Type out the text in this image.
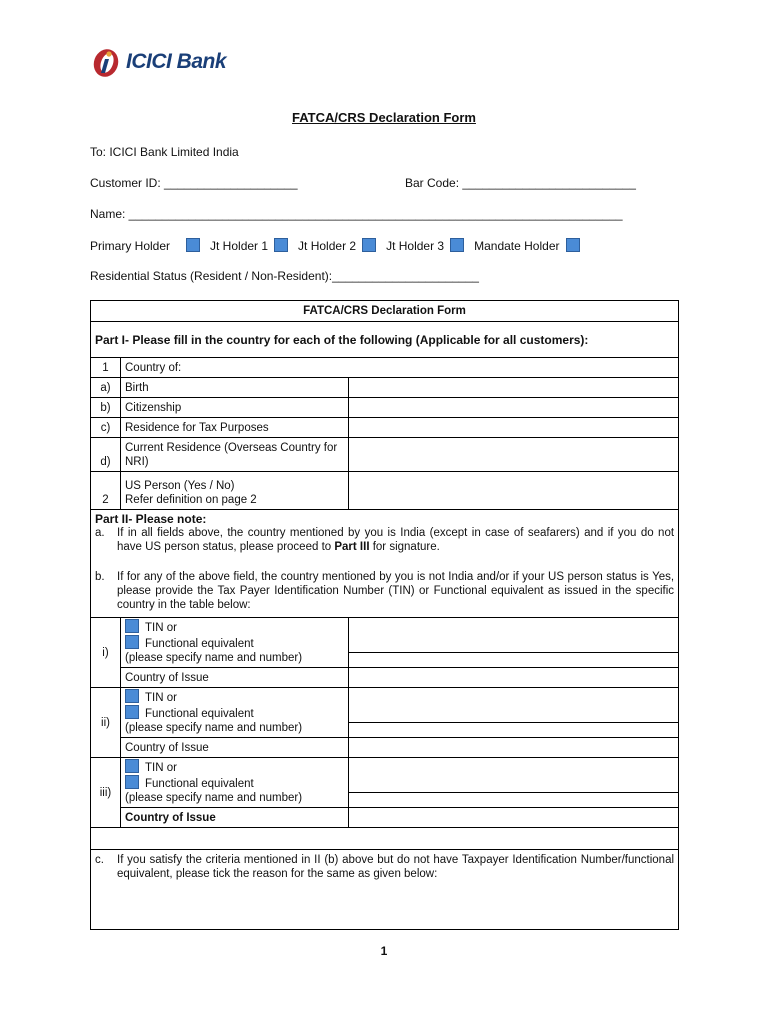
ICICI Bank
FATCA/CRS Declaration Form
To: ICICI Bank Limited India
Customer ID: ____________________	Bar Code: __________________________
Name: __________________________________________________________________________
Primary Holder	Jt Holder 1	Jt Holder 2	Jt Holder 3	Mandate Holder
Residential Status (Resident / Non-Resident):______________________
FATCA/CRS Declaration Form		
Part I- Please fill in the country for each of the following (Applicable for all customers):		
1	Country of:	
a)	Birth	
b)	Citizenship	
c)	Residence for Tax Purposes	
d)	Current Residence (Overseas Country for NRI)	
2	US Person (Yes / No)
Refer definition on page 2	

Part II- Please note:
a. If in all fields above, the country mentioned by you is India (except in case of seafarers) and if you do not have US person status, please proceed to Part III for signature.
b. If for any of the above field, the country mentioned by you is not India and/or if your US person status is Yes, please provide the Tax Payer Identification Number (TIN) or Functional equivalent as issued in the specific country in the table below:		

i)	TIN or
Functional equivalent
(please specify name and number)	

	Country of Issue	
ii)	TIN or
Functional equivalent
(please specify name and number)	

	Country of Issue	
iii)	TIN or
Functional equivalent
(please specify name and number)	

	Country of Issue	

c. If you satisfy the criteria mentioned in II (b) above but do not have Taxpayer Identification Number/functional equivalent, please tick the reason for the same as given below:		
1
